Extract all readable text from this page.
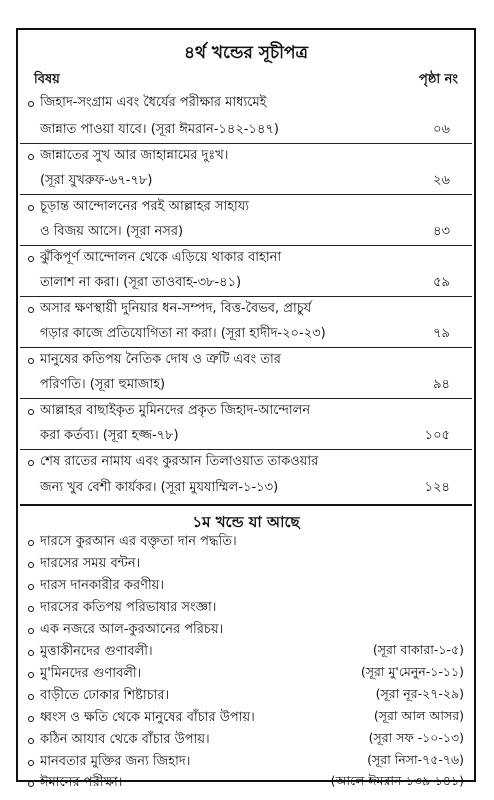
৪র্থ খন্ডের সূচীপত্র
বিষয়	পৃষ্ঠা নং
জিহাদ-সংগ্রাম এবং ধৈর্যের পরীক্ষার মাধ্যমেই
জান্নাত পাওয়া যাবে। (সূরা ঈমরান-১৪২-১৪৭)	০৬
জান্নাতের সুখ আর জাহান্নামের দুঃখ।
(সূরা যুখরুফ-৬৭-৭৮)	২৬
চূড়ান্ত আন্দোলনের পরই আল্লাহর সাহায্য
ও বিজয় আসে। (সূরা নসর)	৪৩
ঝুঁকিপূর্ণ আন্দোলন থেকে এড়িয়ে থাকার বাহানা
তালাশ না করা। (সূরা তাওবাহ-৩৮-৪১)	৫৯
অসার ক্ষণস্থায়ী দুনিয়ার ধন-সম্পদ, বিত্ত-বৈভব, প্রাচুর্য
গড়ার কাজে প্রতিযোগিতা না করা। (সূরা হাদীদ-২০-২৩)	৭৯
মানুষের কতিপয় নৈতিক দোষ ও ত্রুটি এবং তার
পরিণতি। (সূরা হুমাজাহ)	৯৪
আল্লাহর বাছাইকৃত মুমিনদের প্রকৃত জিহাদ-আন্দোলন
করা কর্তব্য। (সূরা হজ্জ-৭৮)	১০৫
শেষ রাতের নামায এবং কুরআন তিলাওয়াত তাকওয়ার
জন্য খুব বেশী কার্যকর। (সূরা মুযযাম্মিল-১-১৩)	১২৪
১ম খন্ডে যা আছে
দারসে কুরআন এর বক্তৃতা দান পদ্ধতি।
দারসের সময় বন্টন।
দারস দানকারীর করণীয়।
দারসের কতিপয় পরিভাষার সংজ্ঞা।
এক নজরে আল-কুরআনের পরিচয়।
মুত্তাকীনদের গুণাবলী।	(সূরা বাকারা-১-৫)
মু'মিনদের গুণাবলী।	(সূরা মু'মেনুন-১-১১)
বাড়ীতে ঢোকার শিষ্টাচার।	(সূরা নূর-২৭-২৯)
ধ্বংস ও ক্ষতি থেকে মানুষের বাঁচার উপায়।	(সূরা আল আসর)
কঠিন আযাব থেকে বাঁচার উপায়।	(সূরা সফ -১০-১৩)
মানবতার মুক্তির জন্য জিহাদ।	(সূরা নিসা-৭৫-৭৬)
ঈমানের পরীক্ষা।	(আলে ঈমরান-১৩৯-১৪১)
